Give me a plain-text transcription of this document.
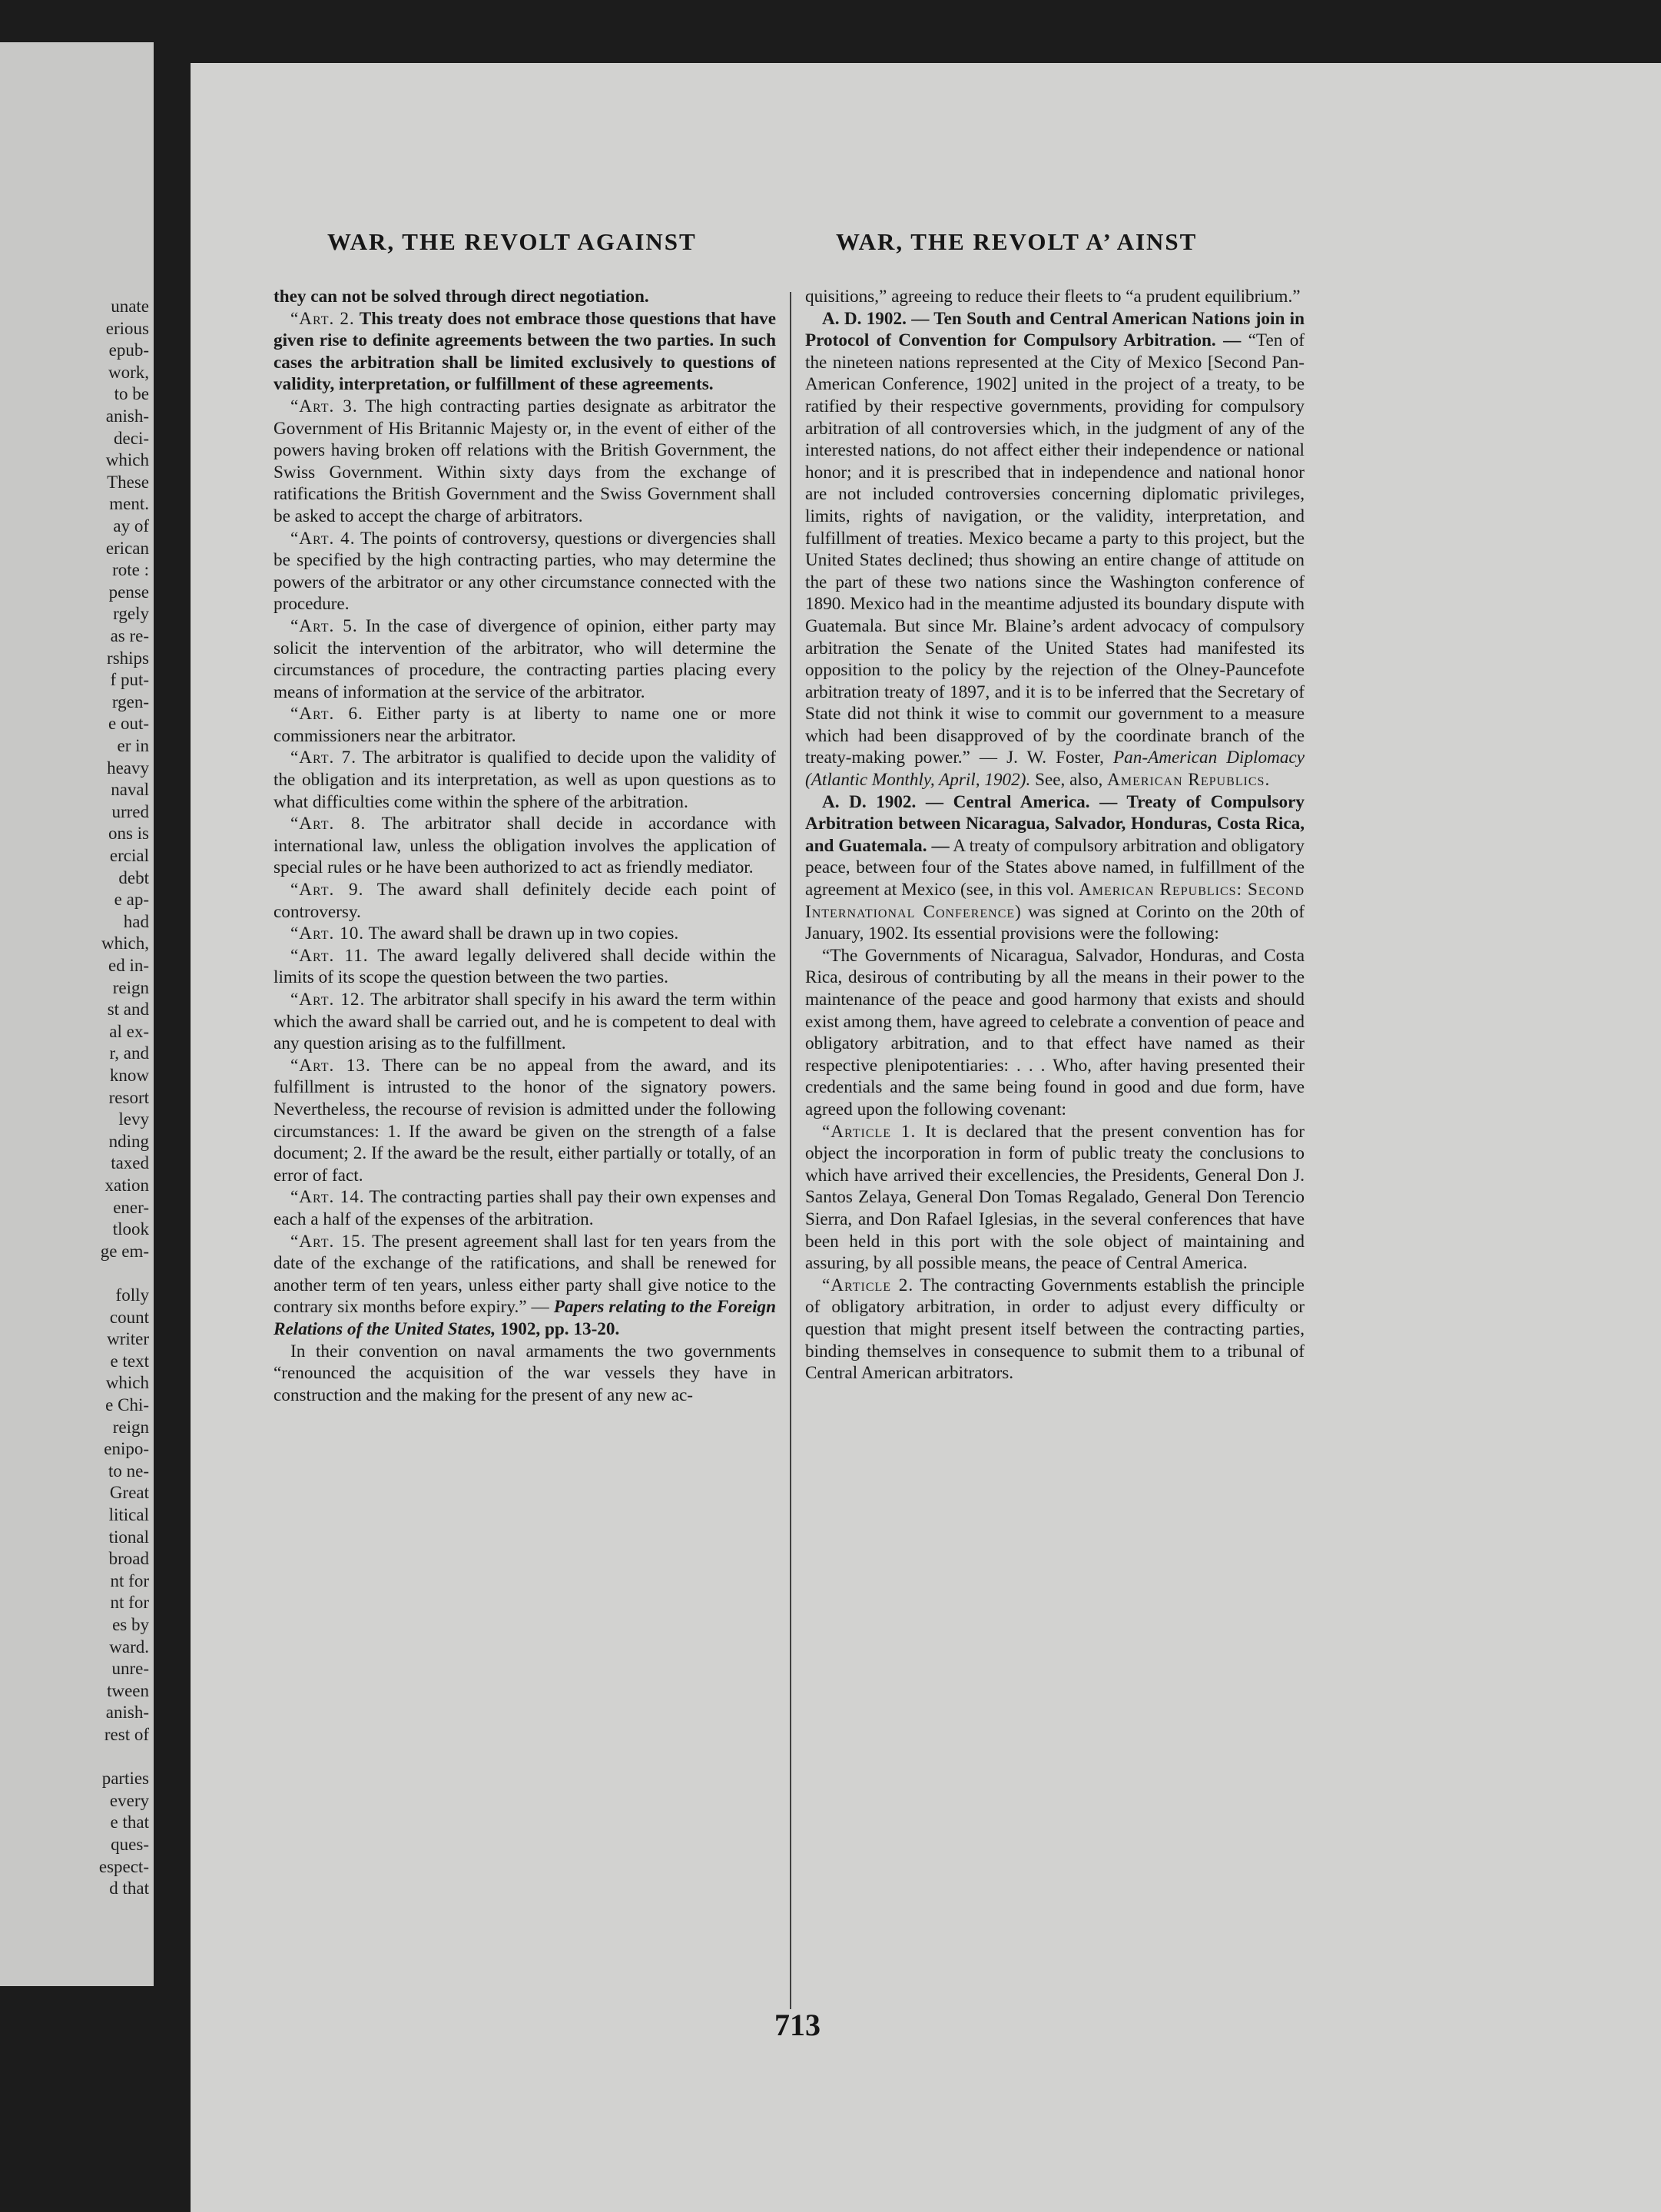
unate
erious
epub-
work,
to be
anish-
deci-
which
These
ment.
ay of
erican
rote :
pense
rgely
as re-
rships
f put-
rgen-
e out-
er in
heavy
naval
urred
ons is
ercial
debt
e ap-
had
which,
ed in-
reign
st and
al ex-
r, and
know
resort
levy
nding
taxed
xation
ener-
tlook
ge em-
folly
count
writer
e text
which
e Chi-
reign
enipo-
to ne-
Great
litical
tional
broad
nt for
nt for
es by
ward.
unre-
tween
anish-
rest of
parties
every
e that
ques-
espect-
d that
WAR, THE REVOLT AGAINST	WAR, THE REVOLT A’ AINST

they can not be solved through direct negotiation.

“Art. 2. This treaty does not embrace those questions that have given rise to definite agreements between the two parties. In such cases the arbitration shall be limited exclusively to questions of validity, interpretation, or fulfillment of these agreements.

“Art. 3. The high contracting parties designate as arbitrator the Government of His Britannic Majesty or, in the event of either of the powers having broken off relations with the British Government, the Swiss Government. Within sixty days from the exchange of ratifications the British Government and the Swiss Government shall be asked to accept the charge of arbitrators.

“Art. 4. The points of controversy, questions or divergencies shall be specified by the high contracting parties, who may determine the powers of the arbitrator or any other circumstance connected with the procedure.

“Art. 5. In the case of divergence of opinion, either party may solicit the intervention of the arbitrator, who will determine the circumstances of procedure, the contracting parties placing every means of information at the service of the arbitrator.

“Art. 6. Either party is at liberty to name one or more commissioners near the arbitrator.

“Art. 7. The arbitrator is qualified to decide upon the validity of the obligation and its interpretation, as well as upon questions as to what difficulties come within the sphere of the arbitration.

“Art. 8. The arbitrator shall decide in accordance with international law, unless the obligation involves the application of special rules or he have been authorized to act as friendly mediator.

“Art. 9. The award shall definitely decide each point of controversy.

“Art. 10. The award shall be drawn up in two copies.

“Art. 11. The award legally delivered shall decide within the limits of its scope the question between the two parties.

“Art. 12. The arbitrator shall specify in his award the term within which the award shall be carried out, and he is competent to deal with any question arising as to the fulfillment.

“Art. 13. There can be no appeal from the award, and its fulfillment is intrusted to the honor of the signatory powers. Nevertheless, the recourse of revision is admitted under the following circumstances: 1. If the award be given on the strength of a false document; 2. If the award be the result, either partially or totally, of an error of fact.

“Art. 14. The contracting parties shall pay their own expenses and each a half of the expenses of the arbitration.

“Art. 15. The present agreement shall last for ten years from the date of the exchange of the ratifications, and shall be renewed for another term of ten years, unless either party shall give notice to the contrary six months before expiry.” — Papers relating to the Foreign Relations of the United States, 1902, pp. 13-20.

In their convention on naval armaments the two governments “renounced the acquisition of the war vessels they have in construction and the making for the present of any new ac-

quisitions,” agreeing to reduce their fleets to “a prudent equilibrium.”

A. D. 1902. — Ten South and Central American Nations join in Protocol of Convention for Compulsory Arbitration. — “Ten of the nineteen nations represented at the City of Mexico [Second Pan-American Conference, 1902] united in the project of a treaty, to be ratified by their respective governments, providing for compulsory arbitration of all controversies which, in the judgment of any of the interested nations, do not affect either their independence or national honor; and it is prescribed that in independence and national honor are not included controversies concerning diplomatic privileges, limits, rights of navigation, or the validity, interpretation, and fulfillment of treaties. Mexico became a party to this project, but the United States declined; thus showing an entire change of attitude on the part of these two nations since the Washington conference of 1890. Mexico had in the meantime adjusted its boundary dispute with Guatemala. But since Mr. Blaine’s ardent advocacy of compulsory arbitration the Senate of the United States had manifested its opposition to the policy by the rejection of the Olney-Pauncefote arbitration treaty of 1897, and it is to be inferred that the Secretary of State did not think it wise to commit our government to a measure which had been disapproved of by the coordinate branch of the treaty-making power.” — J. W. Foster, Pan-American Diplomacy (Atlantic Monthly, April, 1902). See, also, American Republics.

A. D. 1902. — Central America. — Treaty of Compulsory Arbitration between Nicaragua, Salvador, Honduras, Costa Rica, and Guatemala. — A treaty of compulsory arbitration and obligatory peace, between four of the States above named, in fulfillment of the agreement at Mexico (see, in this vol. American Republics: Second International Conference) was signed at Corinto on the 20th of January, 1902. Its essential provisions were the following:

“The Governments of Nicaragua, Salvador, Honduras, and Costa Rica, desirous of contributing by all the means in their power to the maintenance of the peace and good harmony that exists and should exist among them, have agreed to celebrate a convention of peace and obligatory arbitration, and to that effect have named as their respective plenipotentiaries: . . . Who, after having presented their credentials and the same being found in good and due form, have agreed upon the following covenant:

“Article 1. It is declared that the present convention has for object the incorporation in form of public treaty the conclusions to which have arrived their excellencies, the Presidents, General Don J. Santos Zelaya, General Don Tomas Regalado, General Don Terencio Sierra, and Don Rafael Iglesias, in the several conferences that have been held in this port with the sole object of maintaining and assuring, by all possible means, the peace of Central America.

“Article 2. The contracting Governments establish the principle of obligatory arbitration, in order to adjust every difficulty or question that might present itself between the contracting parties, binding themselves in consequence to submit them to a tribunal of Central American arbitrators.

713
